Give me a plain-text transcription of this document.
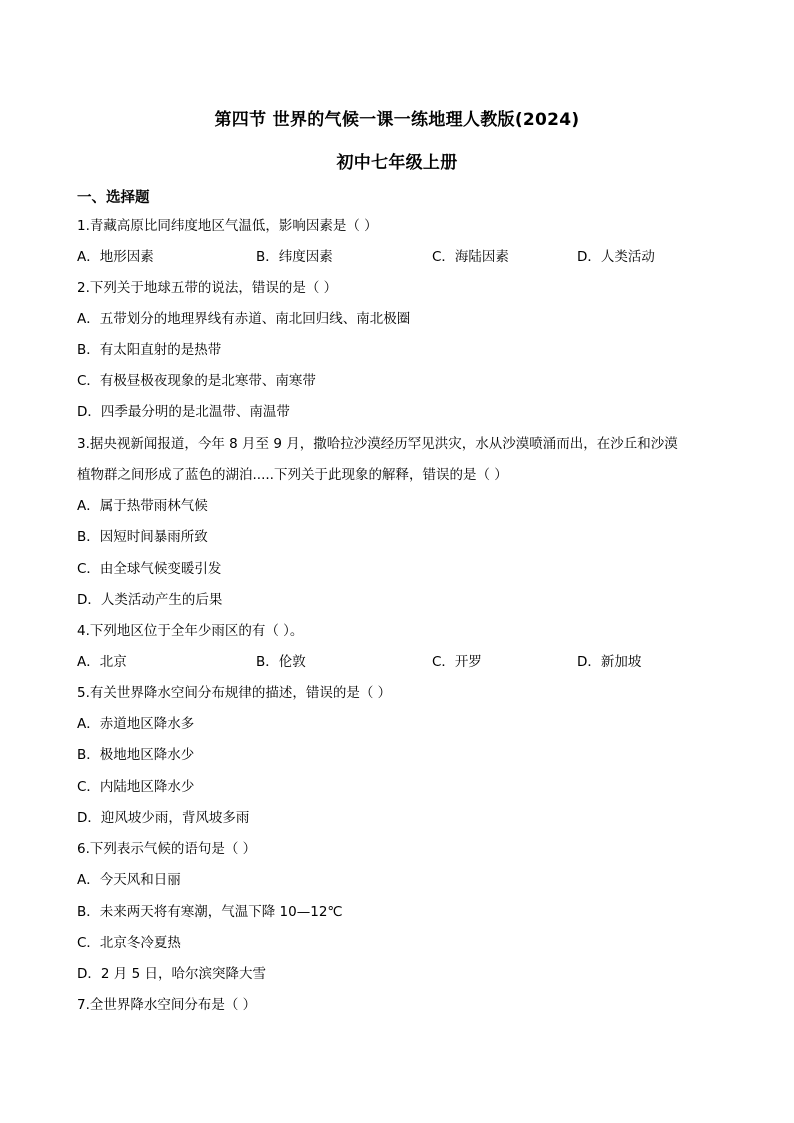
第四节 世界的气候一课一练地理人教版(2024)
初中七年级上册
一、选择题
1.青藏高原比同纬度地区气温低，影响因素是（ ）
A．地形因素	B．纬度因素	C．海陆因素	D．人类活动
2.下列关于地球五带的说法，错误的是（ ）
A．五带划分的地理界线有赤道、南北回归线、南北极圈
B．有太阳直射的是热带
C．有极昼极夜现象的是北寒带、南寒带
D．四季最分明的是北温带、南温带
3.据央视新闻报道，今年 8 月至 9 月，撒哈拉沙漠经历罕见洪灾，水从沙漠喷涌而出，在沙丘和沙漠
植物群之间形成了蓝色的湖泊.....下列关于此现象的解释，错误的是（ ）
A．属于热带雨林气候
B．因短时间暴雨所致
C．由全球气候变暖引发
D．人类活动产生的后果
4.下列地区位于全年少雨区的有（ ）。
A．北京	B．伦敦	C．开罗	D．新加坡
5.有关世界降水空间分布规律的描述，错误的是（ ）
A．赤道地区降水多
B．极地地区降水少
C．内陆地区降水少
D．迎风坡少雨，背风坡多雨
6.下列表示气候的语句是（ ）
A．今天风和日丽
B．未来两天将有寒潮，气温下降 10—12℃
C．北京冬冷夏热
D．2 月 5 日，哈尔滨突降大雪
7.全世界降水空间分布是（ ）
